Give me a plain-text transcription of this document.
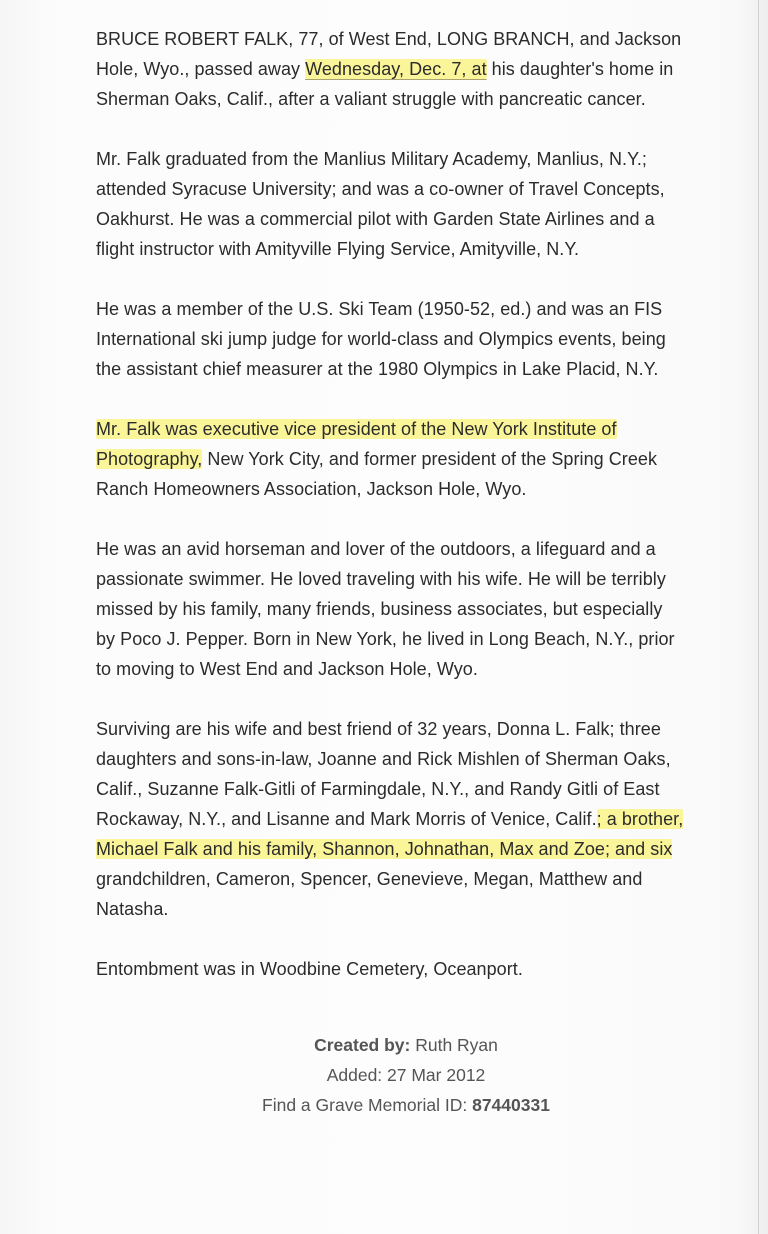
BRUCE ROBERT FALK, 77, of West End, LONG BRANCH, and Jackson
Hole, Wyo., passed away Wednesday, Dec. 7, at his daughter's home in
Sherman Oaks, Calif., after a valiant struggle with pancreatic cancer.

Mr. Falk graduated from the Manlius Military Academy, Manlius, N.Y.;
attended Syracuse University; and was a co-owner of Travel Concepts,
Oakhurst. He was a commercial pilot with Garden State Airlines and a
flight instructor with Amityville Flying Service, Amityville, N.Y.

He was a member of the U.S. Ski Team (1950-52, ed.) and was an FIS
International ski jump judge for world-class and Olympics events, being
the assistant chief measurer at the 1980 Olympics in Lake Placid, N.Y.

Mr. Falk was executive vice president of the New York Institute of
Photography, New York City, and former president of the Spring Creek
Ranch Homeowners Association, Jackson Hole, Wyo.

He was an avid horseman and lover of the outdoors, a lifeguard and a
passionate swimmer. He loved traveling with his wife. He will be terribly
missed by his family, many friends, business associates, but especially
by Poco J. Pepper. Born in New York, he lived in Long Beach, N.Y., prior
to moving to West End and Jackson Hole, Wyo.

Surviving are his wife and best friend of 32 years, Donna L. Falk; three
daughters and sons-in-law, Joanne and Rick Mishlen of Sherman Oaks,
Calif., Suzanne Falk-Gitli of Farmingdale, N.Y., and Randy Gitli of East
Rockaway, N.Y., and Lisanne and Mark Morris of Venice, Calif.; a brother,
Michael Falk and his family, Shannon, Johnathan, Max and Zoe; and six
grandchildren, Cameron, Spencer, Genevieve, Megan, Matthew and
Natasha.

Entombment was in Woodbine Cemetery, Oceanport.

Created by: Ruth Ryan
Added: 27 Mar 2012
Find a Grave Memorial ID: 87440331
